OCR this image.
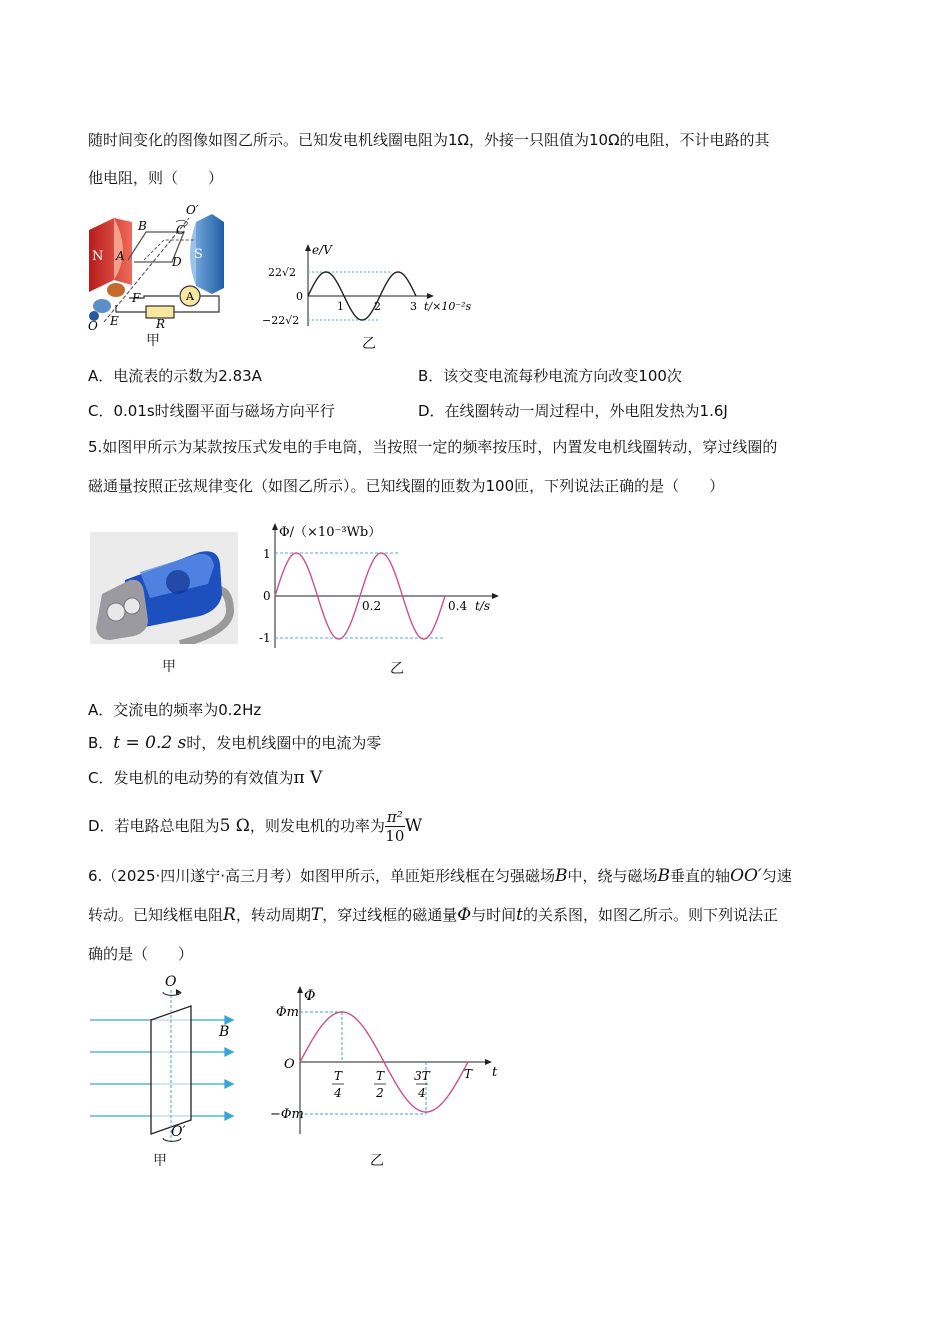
随时间变化的图像如图乙所示。已知发电机线圈电阻为1Ω，外接一只阻值为10Ω的电阻，不计电路的其
他电阻，则（　　）
N	S
A
B C
D
E
F
O
O′
R
A
甲
e/V
22√2
0
−22√2
1	2	3 t/×10⁻²s
乙
A．电流表的示数为2.83A	B．该交变电流每秒电流方向改变100次
C．0.01s时线圈平面与磁场方向平行	D．在线圈转动一周过程中，外电阻发热为1.6J
5.如图甲所示为某款按压式发电的手电筒，当按照一定的频率按压时，内置发电机线圈转动，穿过线圈的
磁通量按照正弦规律变化（如图乙所示）。已知线圈的匝数为100匝，下列说法正确的是（　　）
甲
Φ/（×10⁻³Wb）
1
0
-1
0.2	0.4 t/s
乙
A．交流电的频率为0.2Hz
B．t = 0.2 s时，发电机线圈中的电流为零
C．发电机的电动势的有效值为π V
D．若电路总电阻为5 Ω，则发电机的功率为 $\frac{\text{π²}}{10}$ W
6.（2025·四川遂宁·高三月考）如图甲所示，单匝矩形线框在匀强磁场B中，绕与磁场B垂直的轴OO′匀速
转动。已知线框电阻R，转动周期T，穿过线框的磁通量Φ与时间t的关系图，如图乙所示。则下列说法正
确的是（　　）
O
O′
B
甲
Φ
Φm
O
−Φm
t
T
4
T
2
3T
4
T
乙
